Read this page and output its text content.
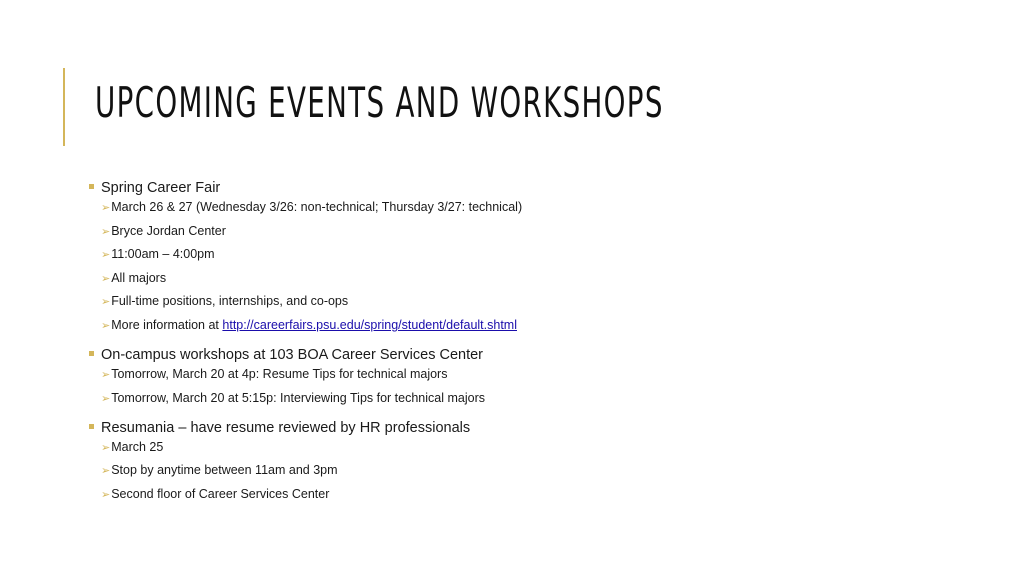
UPCOMING EVENTS AND WORKSHOPS
Spring Career Fair
➢ March 26 & 27 (Wednesday 3/26: non-technical; Thursday 3/27: technical)
➢ Bryce Jordan Center
➢ 11:00am – 4:00pm
➢ All majors
➢ Full-time positions, internships, and co-ops
➢ More information at http://careerfairs.psu.edu/spring/student/default.shtml
On-campus workshops at 103 BOA Career Services Center
➢ Tomorrow, March 20 at 4p: Resume Tips for technical majors
➢ Tomorrow, March 20 at 5:15p: Interviewing Tips for technical majors
Resumania – have resume reviewed by HR professionals
➢ March 25
➢ Stop by anytime between 11am and 3pm
➢ Second floor of Career Services Center
